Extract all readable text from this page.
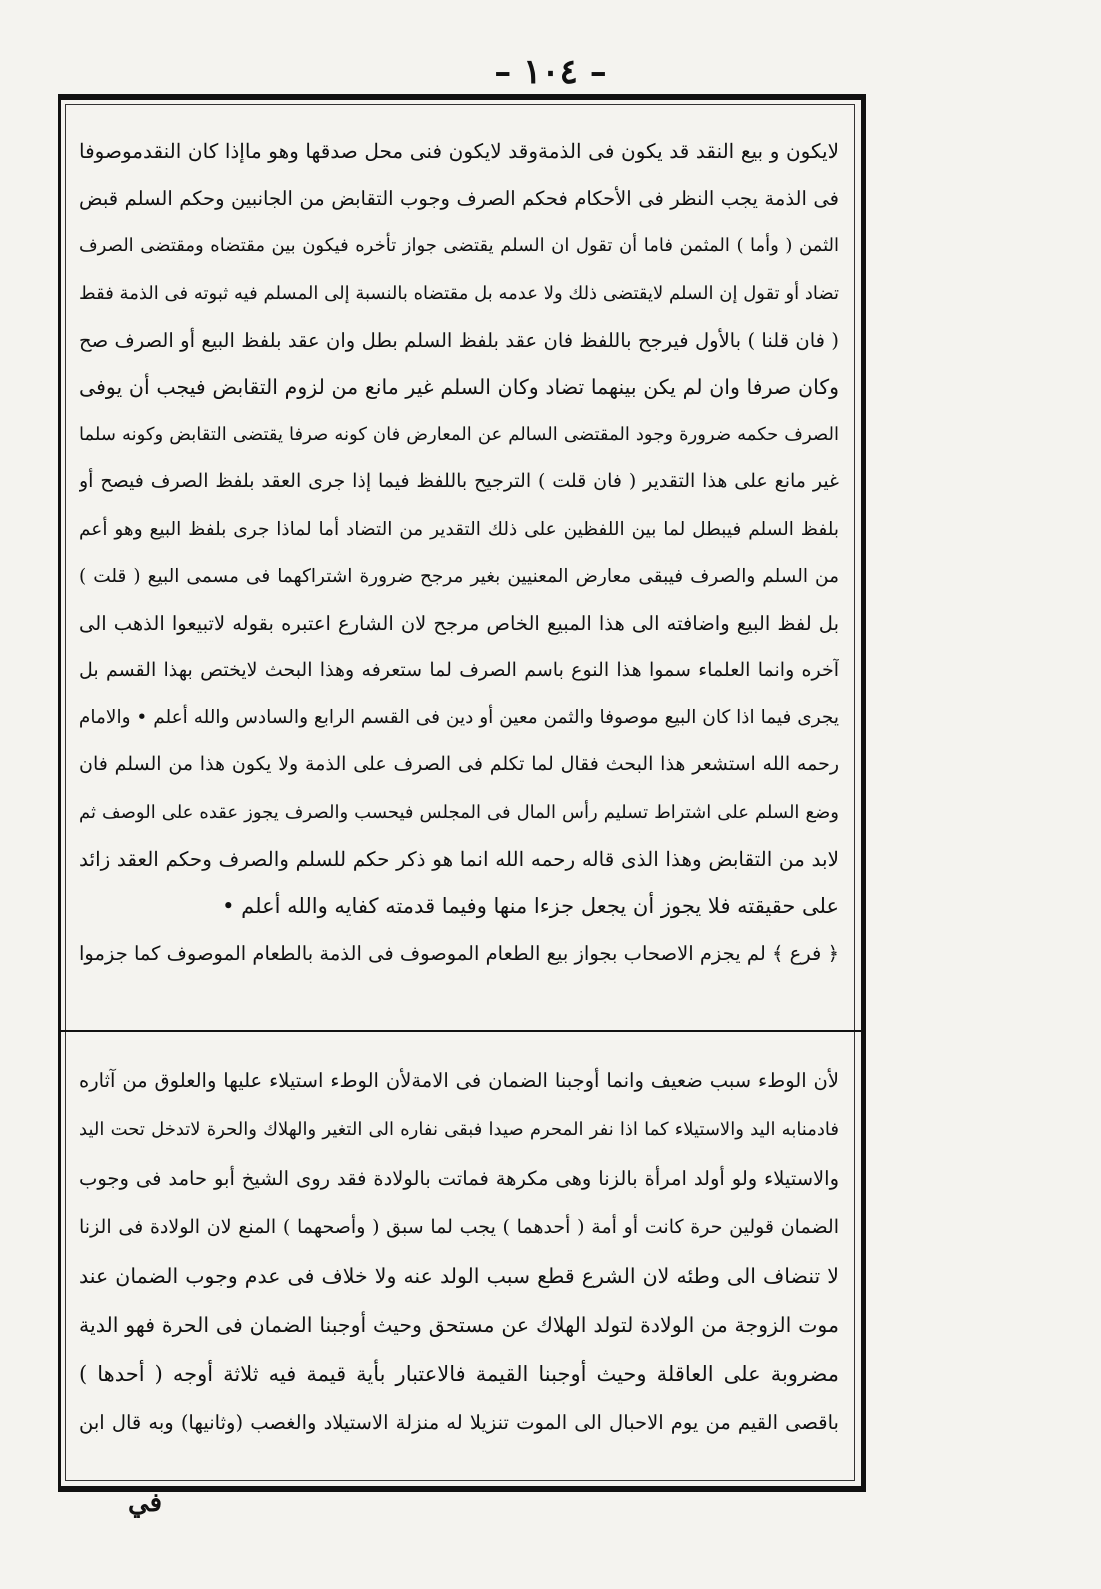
– ١٠٤ –
لايكون و بيع النقد قد يكون فى الذمةوقد لايكون فنى محل صدقها وهو ماإذا كان النقدموصوفا
فى الذمة يجب النظر فى الأحكام فحكم الصرف وجوب التقابض من الجانبين وحكم السلم قبض
الثمن ( وأما ) المثمن فاما أن تقول ان السلم يقتضى جواز تأخره فيكون بين مقتضاه ومقتضى الصرف
تضاد أو تقول إن السلم لايقتضى ذلك ولا عدمه بل مقتضاه بالنسبة إلى المسلم فيه ثبوته فى الذمة فقط
( فان قلنا ) بالأول فيرجح باللفظ فان عقد بلفظ السلم بطل وان عقد بلفظ البيع أو الصرف صح
وكان صرفا وان لم يكن بينهما تضاد وكان السلم غير مانع من لزوم التقابض فيجب أن يوفى
الصرف حكمه ضرورة وجود المقتضى السالم عن المعارض فان كونه صرفا يقتضى التقابض وكونه سلما
غير مانع على هذا التقدير ( فان قلت ) الترجيح باللفظ فيما إذا جرى العقد بلفظ الصرف فيصح أو
بلفظ السلم فيبطل لما بين اللفظين على ذلك التقدير من التضاد أما لماذا جرى بلفظ البيع وهو أعم
من السلم والصرف فيبقى معارض المعنيين بغير مرجح ضرورة اشتراكهما فى مسمى البيع ( قلت )
بل لفظ البيع واضافته الى هذا المبيع الخاص مرجح لان الشارع اعتبره بقوله لاتبيعوا الذهب الى
آخره وانما العلماء سموا هذا النوع باسم الصرف لما ستعرفه وهذا البحث لايختص بهذا القسم بل
يجرى فيما اذا كان البيع موصوفا والثمن معين أو دين فى القسم الرابع والسادس والله أعلم • والامام
رحمه الله استشعر هذا البحث فقال لما تكلم فى الصرف على الذمة ولا يكون هذا من السلم فان
وضع السلم على اشتراط تسليم رأس المال فى المجلس فيحسب والصرف يجوز عقده على الوصف ثم
لابد من التقابض وهذا الذى قاله رحمه الله انما هو ذكر حكم للسلم والصرف وحكم العقد زائد
على حقيقته فلا يجوز أن يجعل جزءا منها وفيما قدمته كفايه والله أعلم •
﴿ فرع ﴾ لم يجزم الاصحاب بجواز بيع الطعام الموصوف فى الذمة بالطعام الموصوف كما جزموا
لأن الوطء سبب ضعيف وانما أوجبنا الضمان فى الامةلأن الوطء استيلاء عليها والعلوق من آثاره
فادمنابه اليد والاستيلاء كما اذا نفر المحرم صيدا فبقى نفاره الى التغير والهلاك والحرة لاتدخل تحت اليد
والاستيلاء ولو أولد امرأة بالزنا وهى مكرهة فماتت بالولادة فقد روى الشيخ أبو حامد فى وجوب
الضمان قولين حرة كانت أو أمة ( أحدهما ) يجب لما سبق ( وأصحهما ) المنع لان الولادة فى الزنا
لا تنضاف الى وطئه لان الشرع قطع سبب الولد عنه ولا خلاف فى عدم وجوب الضمان عند
موت الزوجة من الولادة لتولد الهلاك عن مستحق وحيث أوجبنا الضمان فى الحرة فهو الدية
مضروبة على العاقلة وحيث أوجبنا القيمة فالاعتبار بأية قيمة فيه ثلاثة أوجه ( أحدها )
باقصى القيم من يوم الاحبال الى الموت تنزيلا له منزلة الاستيلاد والغصب (وثانيها) وبه قال ابن
في
